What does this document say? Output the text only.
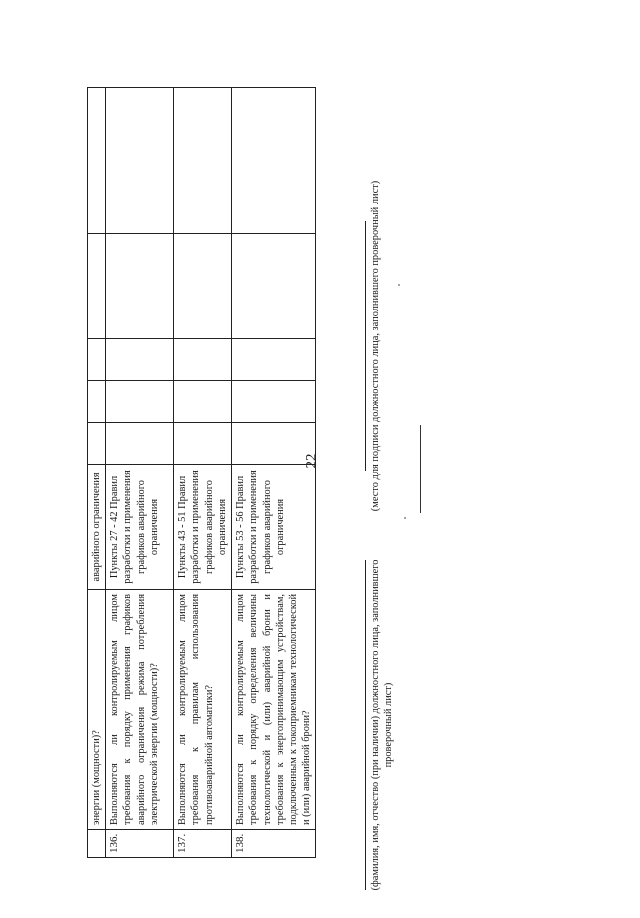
22
	энергии (мощности)?	аварийного ограничения					
136.	Выполняются ли контролируемым лицом требования к порядку применения графиков аварийного ограничения режима потребления электрической энергии (мощности)?	Пункты 27 - 42 Правил разработки и применения графиков аварийного ограничения					
137.	Выполняются ли контролируемым лицом требования к правилам использования противоаварийной автоматики?	Пункты 43 - 51 Правил разработки и применения графиков аварийного ограничения					
138.	Выполняются ли контролируемым лицом требования к порядку определения величины технологической и (или) аварийной брони и требования к энергопринимающим устройствам, подключенным к токоприемникам технологической и (или) аварийной брони?	Пункты 53 - 56 Правил разработки и применения графиков аварийного ограничения					
(фамилия, имя, отчество (при наличии) должностного лица, заполнившего проверочный лист)
(место для подписи должностного лица, заполнившего проверочный лист)
